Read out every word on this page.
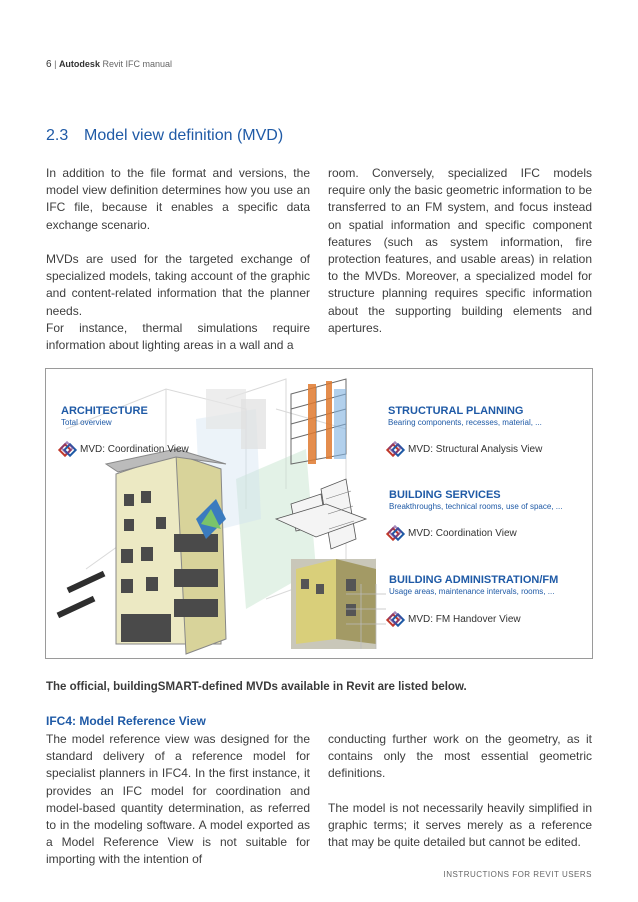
6 | Autodesk Revit IFC manual
2.3 Model view definition (MVD)

In addition to the file format and versions, the model view definition determines how you use an IFC file, because it enables a specific data exchange scenario.

MVDs are used for the targeted exchange of specialized models, taking account of the graphic and content-related information that the planner needs.

For instance, thermal simulations require information about lighting areas in a wall and a

room. Conversely, specialized IFC models require only the basic geometric information to be transferred to an FM system, and focus instead on spatial information and specific component features (such as system information, fire protection features, and usable areas) in relation to the MVDs. Moreover, a specialized model for structure planning requires specific information about the supporting building elements and apertures.

ARCHITECTURE
Total overview
MVD: Coordination View
STRUCTURAL PLANNING
Bearing components, recesses, material, ...
MVD: Structural Analysis View
BUILDING SERVICES
Breakthroughs, technical rooms, use of space, ...
MVD: Coordination View
BUILDING ADMINISTRATION/FM
Usage areas, maintenance intervals, rooms, ...
MVD: FM Handover View
The official, buildingSMART-defined MVDs available in Revit are listed below.
IFC4: Model Reference View

The model reference view was designed for the standard delivery of a reference model for specialist planners in IFC4. In the first instance, it provides an IFC model for coordination and model-based quantity determination, as referred to in the modeling software. A model exported as a Model Reference View is not suitable for importing with the intention of

conducting further work on the geometry, as it contains only the most essential geometric definitions.

The model is not necessarily heavily simplified in graphic terms; it serves merely as a reference that may be quite detailed but cannot be edited.

INSTRUCTIONS FOR REVIT USERS
